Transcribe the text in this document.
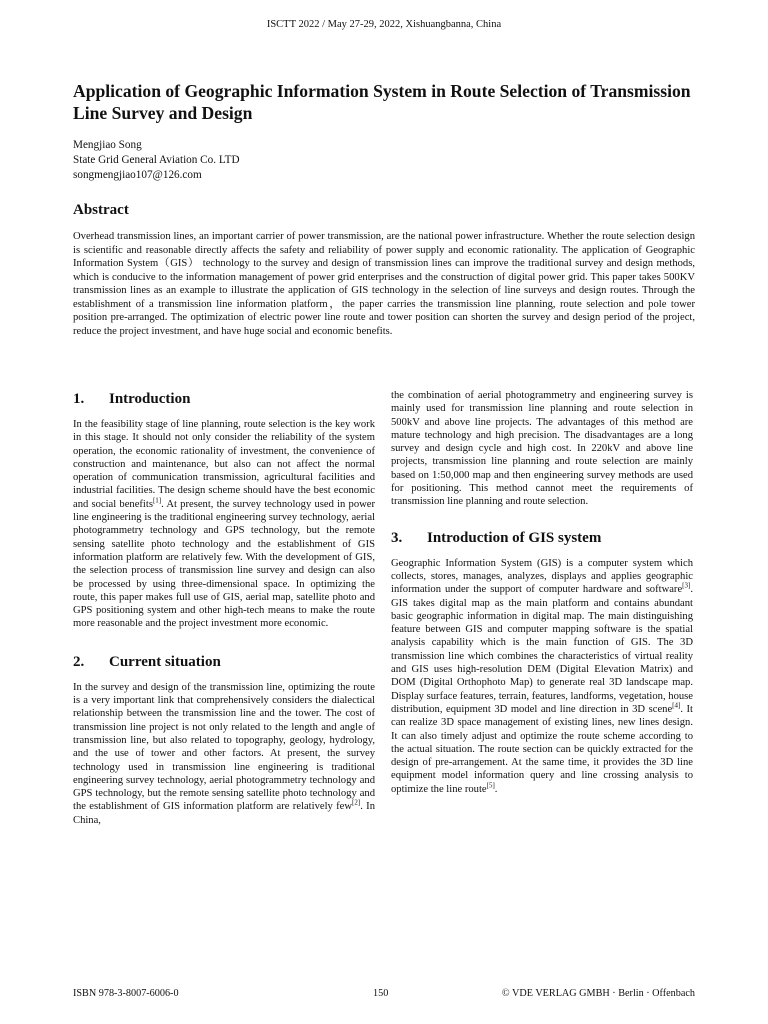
ISCTT 2022 / May 27-29, 2022, Xishuangbanna, China
Application of Geographic Information System in Route Selection of Transmission Line Survey and Design
Mengjiao Song
State Grid General Aviation Co. LTD
songmengjiao107@126.com
Abstract

Overhead transmission lines, an important carrier of power transmission, are the national power infrastructure. Whether the route selection design is scientific and reasonable directly affects the safety and reliability of power supply and economic rationality. The application of Geographic Information System（GIS） technology to the survey and design of transmission lines can improve the traditional survey and design methods, which is conducive to the information management of power grid enterprises and the construction of digital power grid. This paper takes 500KV transmission lines as an example to illustrate the application of GIS technology in the selection of line surveys and design routes. Through the establishment of a transmission line information platform，the paper carries the transmission line planning, route selection and pole tower position pre-arranged. The optimization of electric power line route and tower position can shorten the survey and design period of the project, reduce the project investment, and have huge social and economic benefits.

1.	Introduction

In the feasibility stage of line planning, route selection is the key work in this stage. It should not only consider the reliability of the system operation, the economic rationality of investment, the convenience of construction and maintenance, but also can not affect the normal operation of communication transmission, agricultural facilities and industrial facilities. The design scheme should have the best economic and social benefits[1]. At present, the survey technology used in power line engineering is the traditional engineering survey technology, aerial photogrammetry technology and GPS technology, but the remote sensing satellite photo technology and the establishment of GIS information platform are relatively few. With the development of GIS, the selection process of transmission line survey and design can also be processed by using three-dimensional space. In optimizing the route, this paper makes full use of GIS, aerial map, satellite photo and GPS positioning system and other high-tech means to make the route more reasonable and the project investment more economic.

2.	Current situation

In the survey and design of the transmission line, optimizing the route is a very important link that comprehensively considers the dialectical relationship between the transmission line and the tower. The cost of transmission line project is not only related to the length and angle of transmission line, but also related to topography, geology, hydrology, and the use of tower and other factors. At present, the survey technology used in transmission line engineering is traditional engineering survey technology, aerial photogrammetry technology and GPS technology, but the remote sensing satellite photo technology and the establishment of GIS information platform are relatively few[2]. In China,

the combination of aerial photogrammetry and engineering survey is mainly used for transmission line planning and route selection in 500kV and above line projects. The advantages of this method are mature technology and high precision. The disadvantages are a long survey and design cycle and high cost. In 220kV and above line projects, transmission line planning and route selection are mainly based on 1:50,000 map and then engineering survey methods are used for positioning. This method cannot meet the requirements of transmission line planning and route selection.

3.	Introduction of GIS system

Geographic Information System (GIS) is a computer system which collects, stores, manages, analyzes, displays and applies geographic information under the support of computer hardware and software[3]. GIS takes digital map as the main platform and contains abundant basic geographic information in digital map. The main distinguishing feature between GIS and computer mapping software is the spatial analysis capability which is the main function of GIS. The 3D transmission line which combines the characteristics of virtual reality and GIS uses high-resolution DEM (Digital Elevation Matrix) and DOM (Digital Orthophoto Map) to generate real 3D landscape map. Display surface features, terrain, features, landforms, vegetation, house distribution, equipment 3D model and line direction in 3D scene[4]. It can realize 3D space management of existing lines, new lines design. It can also timely adjust and optimize the route scheme according to the actual situation. The route section can be quickly extracted for the design of pre-arrangement. At the same time, it provides the 3D line equipment model information query and line crossing analysis to optimize the line route[5].

ISBN 978-3-8007-6006-0	150	© VDE VERLAG GMBH · Berlin · Offenbach
